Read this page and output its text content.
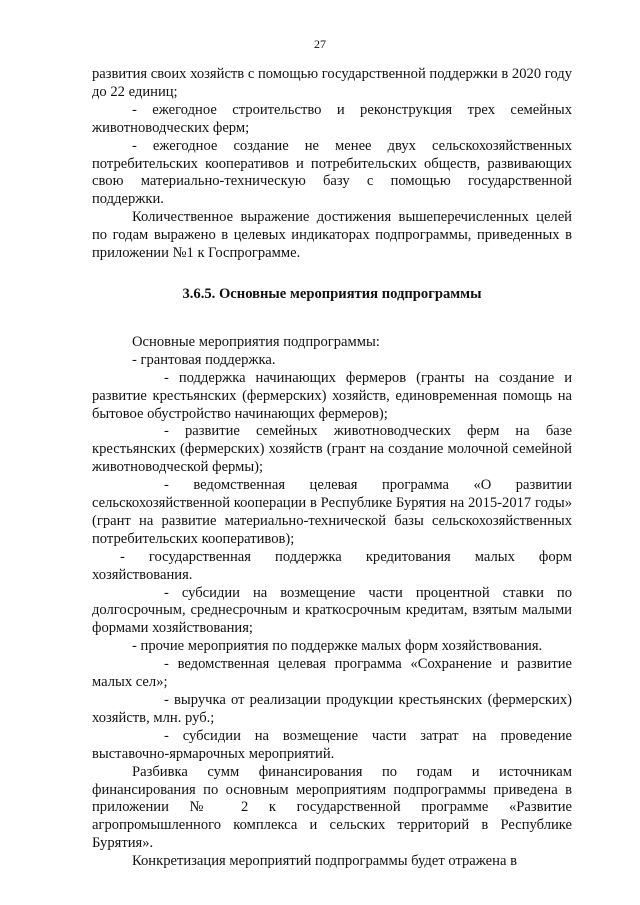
27

развития своих хозяйств с помощью государственной поддержки в 2020 году до 22 единиц;

- ежегодное строительство и реконструкция трех семейных животноводческих ферм;

- ежегодное создание не менее двух сельскохозяйственных потребительских кооперативов и потребительских обществ, развивающих свою материально-техническую базу с помощью государственной поддержки.

Количественное выражение достижения вышеперечисленных целей по годам выражено в целевых индикаторах подпрограммы, приведенных в приложении №1 к Госпрограмме.

3.6.5. Основные мероприятия подпрограммы

Основные мероприятия подпрограммы:

- грантовая поддержка.

- поддержка начинающих фермеров (гранты на создание и развитие крестьянских (фермерских) хозяйств, единовременная помощь на бытовое обустройство начинающих фермеров);

- развитие семейных животноводческих ферм на базе крестьянских (фермерских) хозяйств (грант на создание молочной семейной животноводческой фермы);

- ведомственная целевая программа «О развитии сельскохозяйственной кооперации в Республике Бурятия на 2015-2017 годы» (грант на развитие материально-технической базы сельскохозяйственных потребительских кооперативов);

- государственная поддержка кредитования малых форм хозяйствования.

- субсидии на возмещение части процентной ставки по долгосрочным, среднесрочным и краткосрочным кредитам, взятым малыми формами хозяйствования;

- прочие мероприятия по поддержке малых форм хозяйствования.

- ведомственная целевая программа «Сохранение и развитие малых сел»;

- выручка от реализации продукции крестьянских (фермерских) хозяйств, млн. руб.;

- субсидии на возмещение части затрат на проведение выставочно-ярмарочных мероприятий.

Разбивка сумм финансирования по годам и источникам финансирования по основным мероприятиям подпрограммы приведена в приложении № 2 к государственной программе «Развитие агропромышленного комплекса и сельских территорий в Республике Бурятия».

Конкретизация мероприятий подпрограммы будет отражена в
